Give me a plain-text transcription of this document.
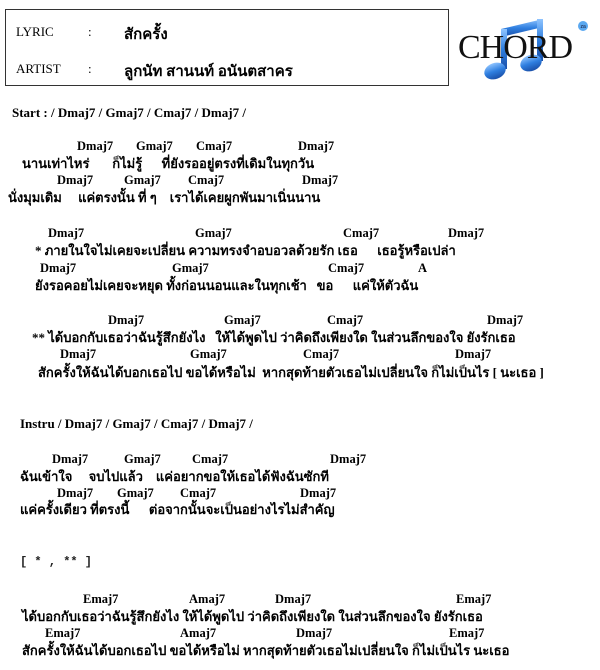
LYRIC	: สักครั้ง
ARTIST : ลูกนัท สานนท์ อนันตสาคร
za
CHORD
Start : / Dmaj7 / Gmaj7 / Cmaj7 / Dmaj7 /
Dmaj7 Gmaj7 Cmaj7	Dmaj7
นานเท่าไหร่       ก็ไม่รู้      ที่ยังรออยู่ตรงที่เดิมในทุกวัน
Dmaj7 Gmaj7 Cmaj7	Dmaj7
นั่งมุมเดิม     แค่ตรงนั้น ที่ ๆ    เราได้เคยผูกพันมาเนิ่นนาน
Dmaj7	Gmaj7	Cmaj7	Dmaj7
* ภายในใจไม่เคยจะเปลี่ยน ความทรงจำอบอวลด้วยรัก เธอ      เธอรู้หรือเปล่า
Dmaj7	Gmaj7	Cmaj7	A
ยังรอคอยไม่เคยจะหยุด ทั้งก่อนนอนและในทุกเช้า   ขอ      แค่ให้ตัวฉัน
Dmaj7	Gmaj7	Cmaj7	Dmaj7
** ได้บอกกับเธอว่าฉันรู้สึกยังไง   ให้ได้พูดไป ว่าคิดถึงเพียงใด ในส่วนลึกของใจ ยังรักเธอ
Dmaj7	Gmaj7	Cmaj7	Dmaj7
สักครั้งให้ฉันได้บอกเธอไป ขอได้หรือไม่  หากสุดท้ายตัวเธอไม่เปลี่ยนใจ ก็ไม่เป็นไร [ นะเธอ ]
Dmaj7	Gmaj7 Cmaj7	Dmaj7
ฉันเข้าใจ     จบไปแล้ว    แค่อยากขอให้เธอได้ฟังฉันซักที
Dmaj7 Gmaj7 Cmaj7	Dmaj7
แค่ครั้งเดียว ที่ตรงนี้      ต่อจากนั้นจะเป็นอย่างไรไม่สำคัญ
Emaj7	Amaj7	Dmaj7	Emaj7
ได้บอกกับเธอว่าฉันรู้สึกยังไง ให้ได้พูดไป ว่าคิดถึงเพียงใด ในส่วนลึกของใจ ยังรักเธอ
Emaj7	Amaj7	Dmaj7	Emaj7
สักครั้งให้ฉันได้บอกเธอไป ขอได้หรือไม่ หากสุดท้ายตัวเธอไม่เปลี่ยนใจ ก็ไม่เป็นไร นะเธอ
Instru / Dmaj7 / Gmaj7 / Cmaj7 / Dmaj7 /
[ * , ** ]
